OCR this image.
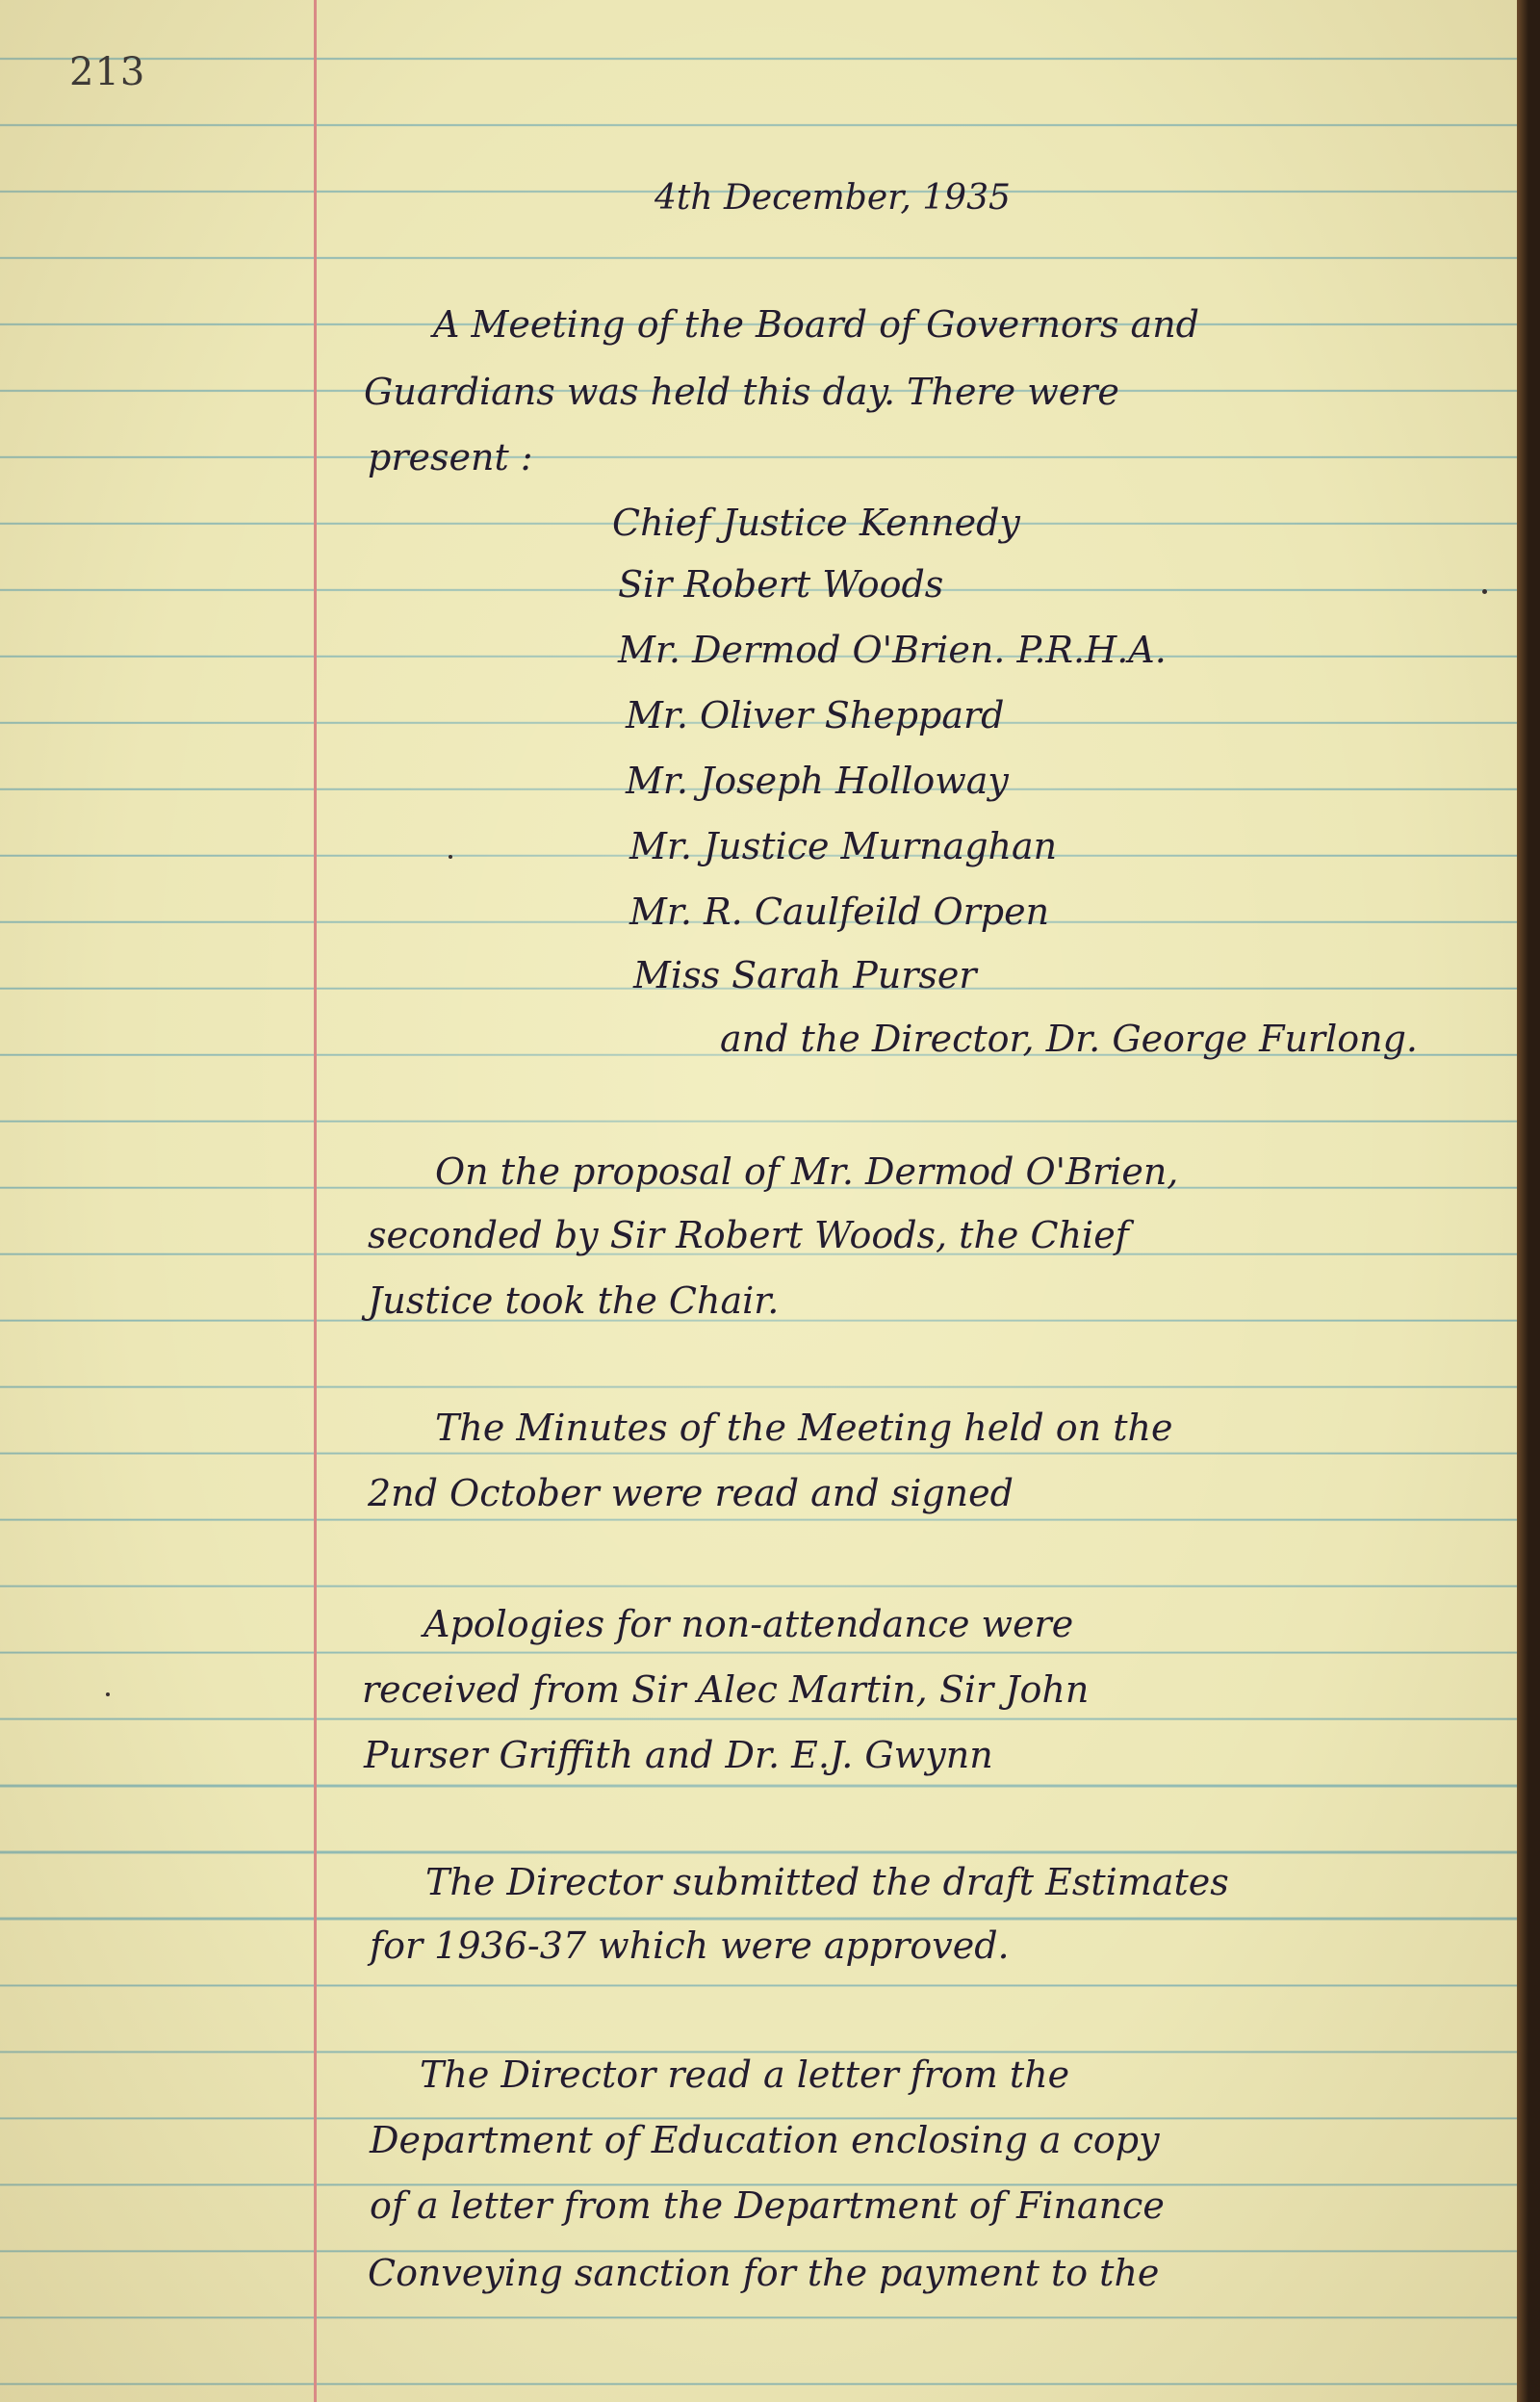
213
4th December, 1935
A Meeting of the Board of Governors and
Guardians was held this day. There were
present :
Chief Justice Kennedy
Sir Robert Woods
Mr. Dermod O'Brien. P.R.H.A.
Mr. Oliver Sheppard
Mr. Joseph Holloway
Mr. Justice Murnaghan
Mr. R. Caulfeild Orpen
Miss Sarah Purser
and the Director, Dr. George Furlong.
On the proposal of Mr. Dermod O'Brien,
seconded by Sir Robert Woods, the Chief
Justice took the Chair.
The Minutes of the Meeting held on the
2nd October were read and signed
Apologies for non-attendance were
received from Sir Alec Martin, Sir John
Purser Griffith and Dr. E.J. Gwynn
The Director submitted the draft Estimates
for 1936-37 which were approved.
The Director read a letter from the
Department of Education enclosing a copy
of a letter from the Department of Finance
Conveying sanction for the payment to the
